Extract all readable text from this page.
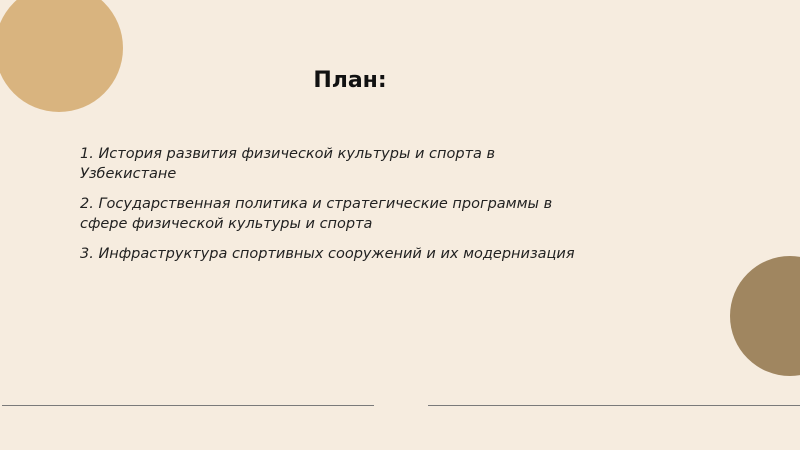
План:
1. История развития физической культуры и спорта в Узбекистане
2. Государственная политика и стратегические программы в сфере физической культуры и спорта
3. Инфраструктура спортивных сооружений и их модернизация
